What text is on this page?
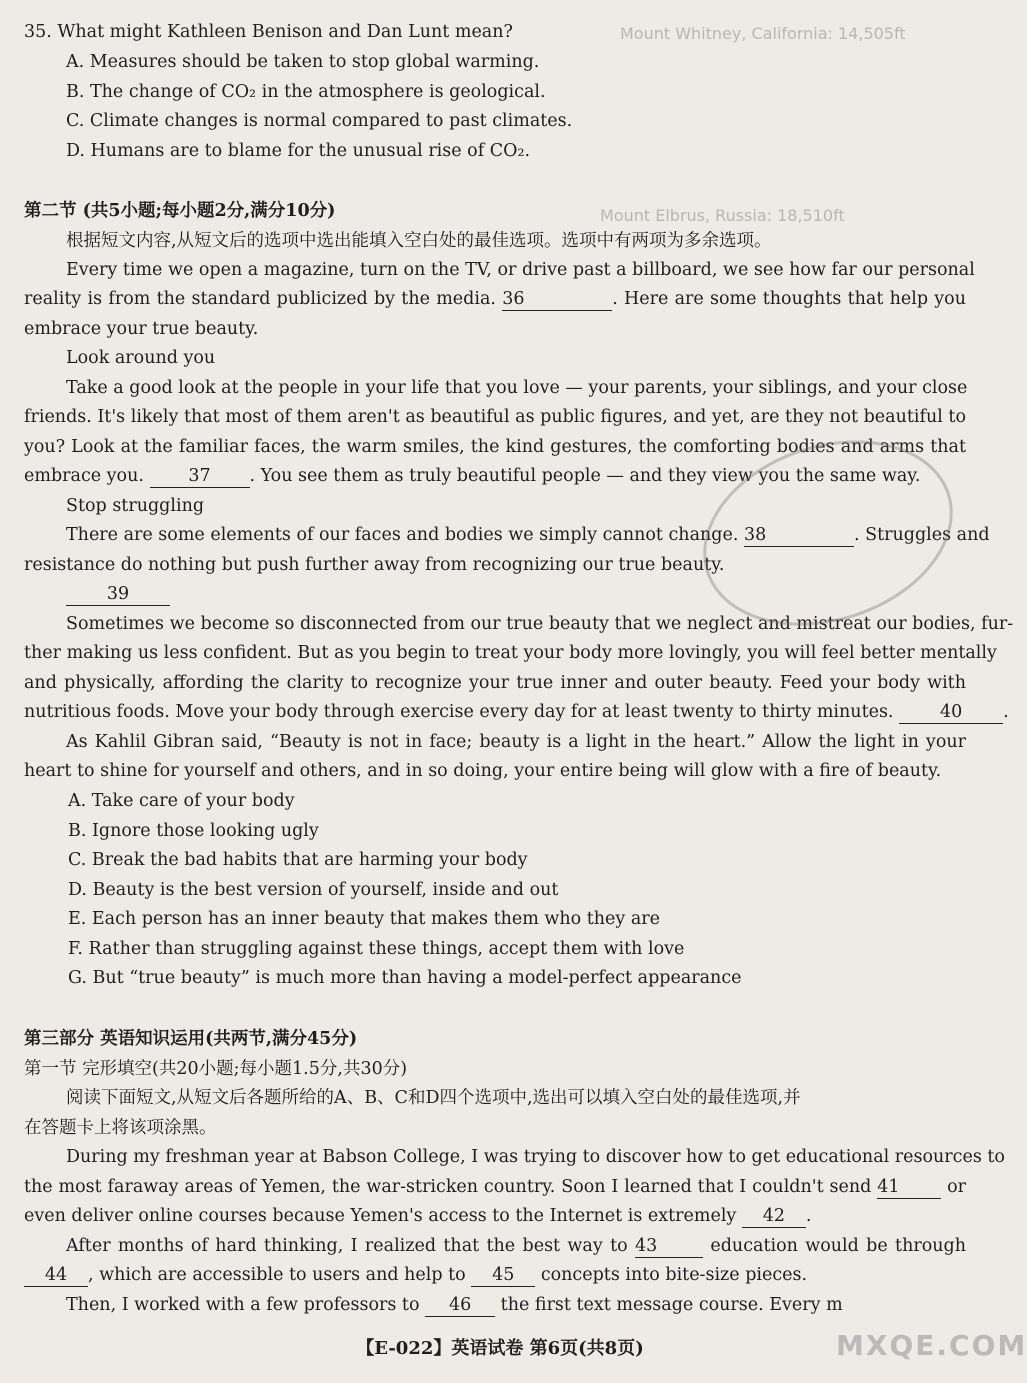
Mount Whitney, California: 14,505ft
Mount Elbrus, Russia: 18,510ft
35. What might Kathleen Benison and Dan Lunt mean?
A. Measures should be taken to stop global warming.
B. The change of CO₂ in the atmosphere is geological.
C. Climate changes is normal compared to past climates.
D. Humans are to blame for the unusual rise of CO₂.
第二节 (共5小题;每小题2分,满分10分)
根据短文内容,从短文后的选项中选出能填入空白处的最佳选项。选项中有两项为多余选项。
Every time we open a magazine, turn on the TV, or drive past a billboard, we see how far our personal
reality is from the standard publicized by the media. 36	. Here are some thoughts that help you
embrace your true beauty.
Look around you
Take a good look at the people in your life that you love — your parents, your siblings, and your close
friends. It's likely that most of them aren't as beautiful as public figures, and yet, are they not beautiful to
you? Look at the familiar faces, the warm smiles, the kind gestures, the comforting bodies and arms that
embrace you.	37 . You see them as truly beautiful people — and they view you the same way.
Stop struggling
There are some elements of our faces and bodies we simply cannot change. 38	. Struggles and
resistance do nothing but push further away from recognizing our true beauty.
39
Sometimes we become so disconnected from our true beauty that we neglect and mistreat our bodies, fur-
ther making us less confident. But as you begin to treat your body more lovingly, you will feel better mentally
and physically, affording the clarity to recognize your true inner and outer beauty. Feed your body with
nutritious foods. Move your body through exercise every day for at least twenty to thirty minutes.	40 .
As Kahlil Gibran said, “Beauty is not in face; beauty is a light in the heart.” Allow the light in your
heart to shine for yourself and others, and in so doing, your entire being will glow with a fire of beauty.
A. Take care of your body
B. Ignore those looking ugly
C. Break the bad habits that are harming your body
D. Beauty is the best version of yourself, inside and out
E. Each person has an inner beauty that makes them who they are
F. Rather than struggling against these things, accept them with love
G. But “true beauty” is much more than having a model-perfect appearance
第三部分 英语知识运用(共两节,满分45分)
第一节 完形填空(共20小题;每小题1.5分,共30分)
阅读下面短文,从短文后各题所给的A、B、C和D四个选项中,选出可以填入空白处的最佳选项,并
在答题卡上将该项涂黑。
During my freshman year at Babson College, I was trying to discover how to get educational resources to
the most faraway areas of Yemen, the war-stricken country. Soon I learned that I couldn't send 41	or
even deliver online courses because Yemen's access to the Internet is extremely 42 .
After months of hard thinking, I realized that the best way to 43	education would be through
44 , which are accessible to users and help to 45 concepts into bite-size pieces.
Then, I worked with a few professors to 46 the first text message course. Every m
【E-022】英语试卷 第6页(共8页)	MXQE.COM
